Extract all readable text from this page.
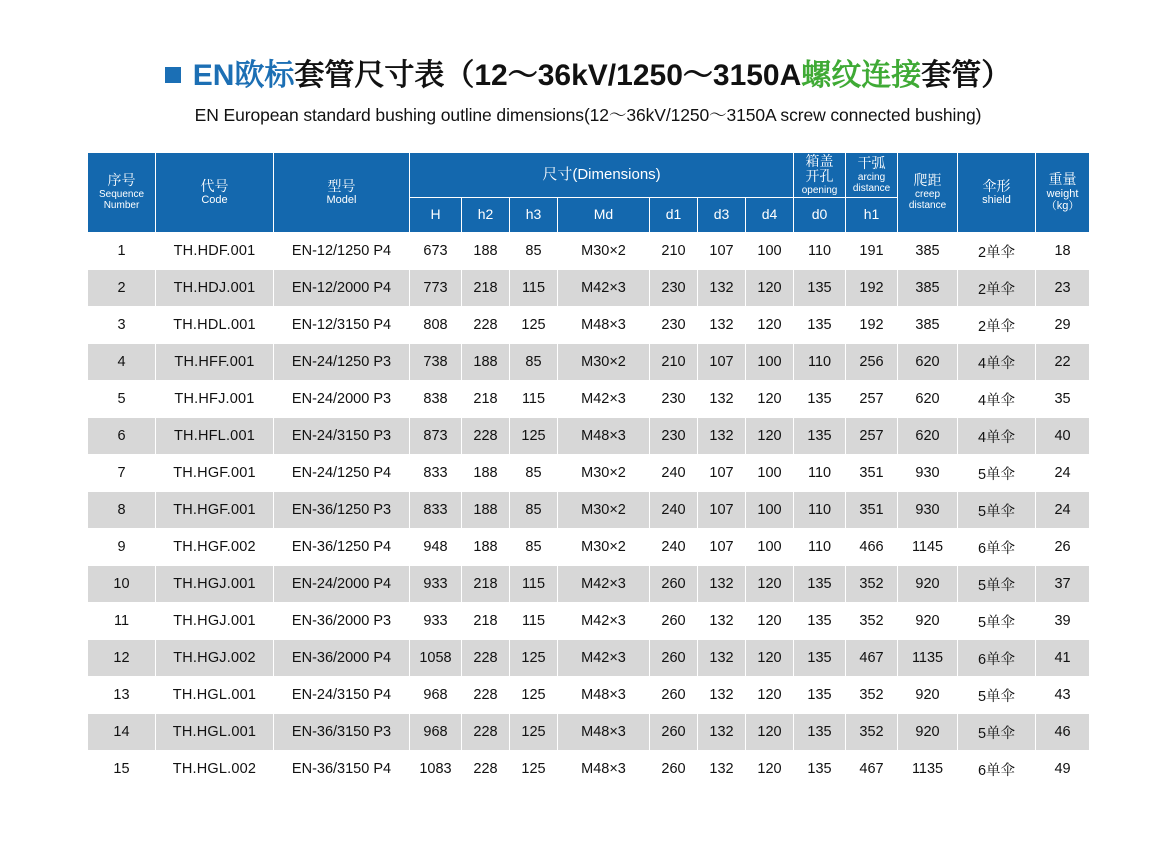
EN欧标套管尺寸表（12～36kV/1250～3150A螺纹连接套管）
EN European standard bushing outline dimensions(12～36kV/1250～3150A screw connected bushing)
序号
Sequence
Number	代号
Code	型号
Model	尺寸(Dimensions)							箱盖
开孔
opening	干弧
arcing
distance	爬距
creep
distance	伞形
shield	重量
weight
（kg）

			H	h2	h3	Md	d1	d3	d4	d0	h1			
1	TH.HDF.001	EN-12/1250 P4	673	188	85	M30×2	210	107	100	110	191	385	2单伞	18
2	TH.HDJ.001	EN-12/2000 P4	773	218	115	M42×3	230	132	120	135	192	385	2单伞	23
3	TH.HDL.001	EN-12/3150 P4	808	228	125	M48×3	230	132	120	135	192	385	2单伞	29
4	TH.HFF.001	EN-24/1250 P3	738	188	85	M30×2	210	107	100	110	256	620	4单伞	22
5	TH.HFJ.001	EN-24/2000 P3	838	218	115	M42×3	230	132	120	135	257	620	4单伞	35
6	TH.HFL.001	EN-24/3150 P3	873	228	125	M48×3	230	132	120	135	257	620	4单伞	40
7	TH.HGF.001	EN-24/1250 P4	833	188	85	M30×2	240	107	100	110	351	930	5单伞	24
8	TH.HGF.001	EN-36/1250 P3	833	188	85	M30×2	240	107	100	110	351	930	5单伞	24
9	TH.HGF.002	EN-36/1250 P4	948	188	85	M30×2	240	107	100	110	466	1145	6单伞	26
10	TH.HGJ.001	EN-24/2000 P4	933	218	115	M42×3	260	132	120	135	352	920	5单伞	37
11	TH.HGJ.001	EN-36/2000 P3	933	218	115	M42×3	260	132	120	135	352	920	5单伞	39
12	TH.HGJ.002	EN-36/2000 P4	1058	228	125	M42×3	260	132	120	135	467	1135	6单伞	41
13	TH.HGL.001	EN-24/3150 P4	968	228	125	M48×3	260	132	120	135	352	920	5单伞	43
14	TH.HGL.001	EN-36/3150 P3	968	228	125	M48×3	260	132	120	135	352	920	5单伞	46
15	TH.HGL.002	EN-36/3150 P4	1083	228	125	M48×3	260	132	120	135	467	1135	6单伞	49
